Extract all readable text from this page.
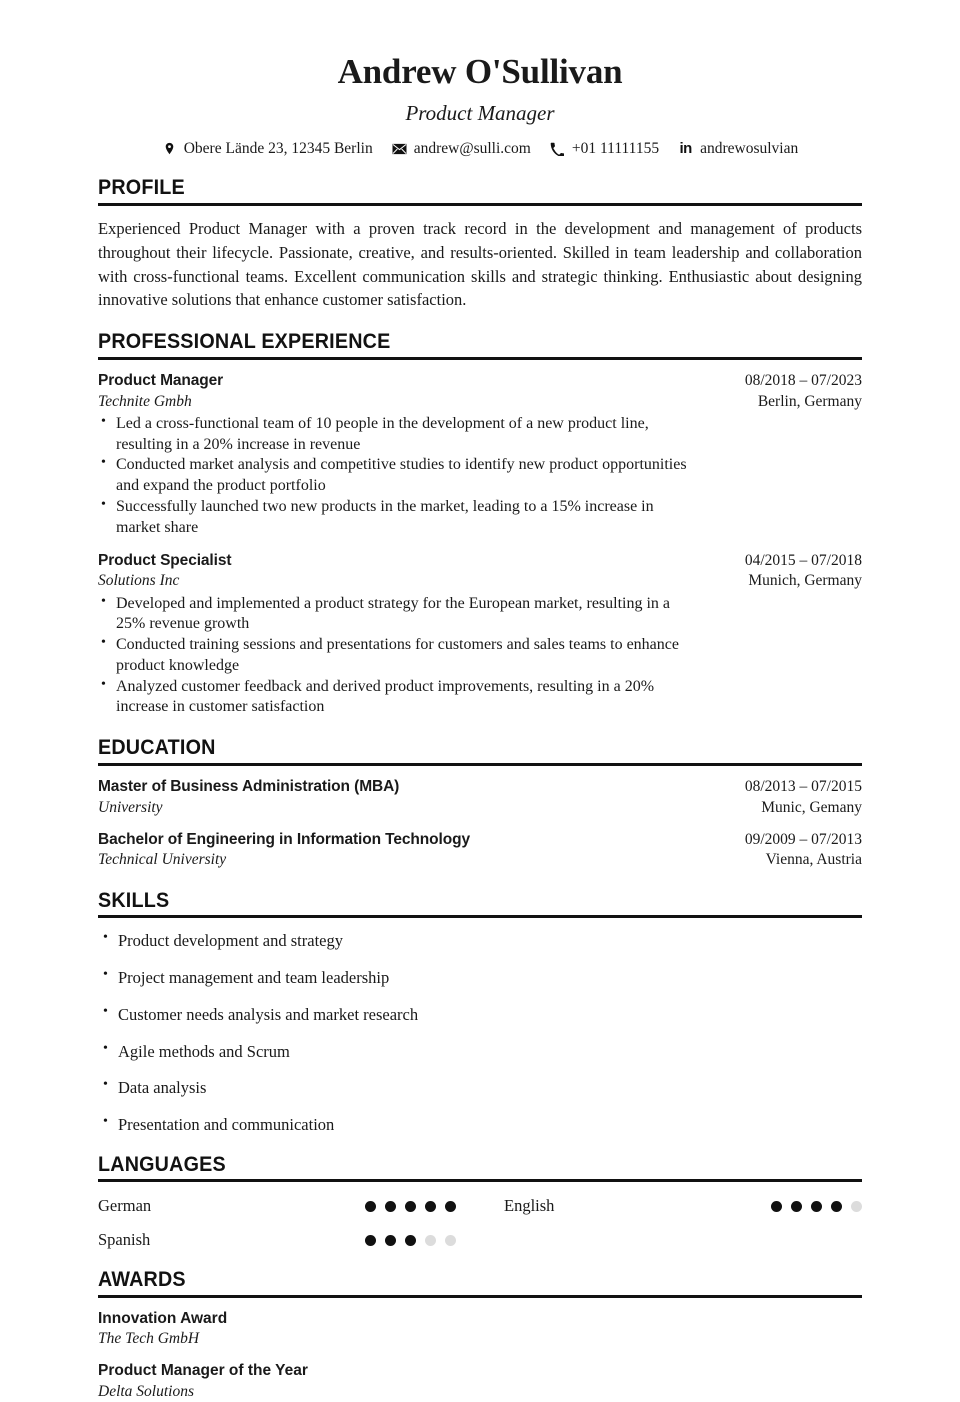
Andrew O'Sullivan
Product Manager
Obere Lände 23, 12345 Berlin	andrew@sulli.com	+01 11111155 in andrewosulvian
PROFILE

Experienced Product Manager with a proven track record in the development and management of products throughout their lifecycle. Passionate, creative, and results-oriented. Skilled in team leadership and collaboration with cross-functional teams. Excellent communication skills and strategic thinking. Enthusiastic about designing innovative solutions that enhance customer satisfaction.

PROFESSIONAL EXPERIENCE
Product Manager	08/2018 – 07/2023
Technite Gmbh	Berlin, Germany
• Led a cross-functional team of 10 people in the development of a new product line, resulting in a 20% increase in revenue
• Conducted market analysis and competitive studies to identify new product opportunities and expand the product portfolio
• Successfully launched two new products in the market, leading to a 15% increase in market share
Product Specialist	04/2015 – 07/2018
Solutions Inc	Munich, Germany
• Developed and implemented a product strategy for the European market, resulting in a 25% revenue growth
• Conducted training sessions and presentations for customers and sales teams to enhance product knowledge
• Analyzed customer feedback and derived product improvements, resulting in a 20% increase in customer satisfaction
EDUCATION
Master of Business Administration (MBA)	08/2013 – 07/2015
University	Munic, Gemany
Bachelor of Engineering in Information Technology	09/2009 – 07/2013
Technical University	Vienna, Austria
SKILLS
• Product development and strategy
• Project management and team leadership
• Customer needs analysis and market research
• Agile methods and Scrum
• Data analysis
• Presentation and communication
LANGUAGES
German	English
Spanish
AWARDS
Innovation Award
The Tech GmbH
Product Manager of the Year
Delta Solutions
